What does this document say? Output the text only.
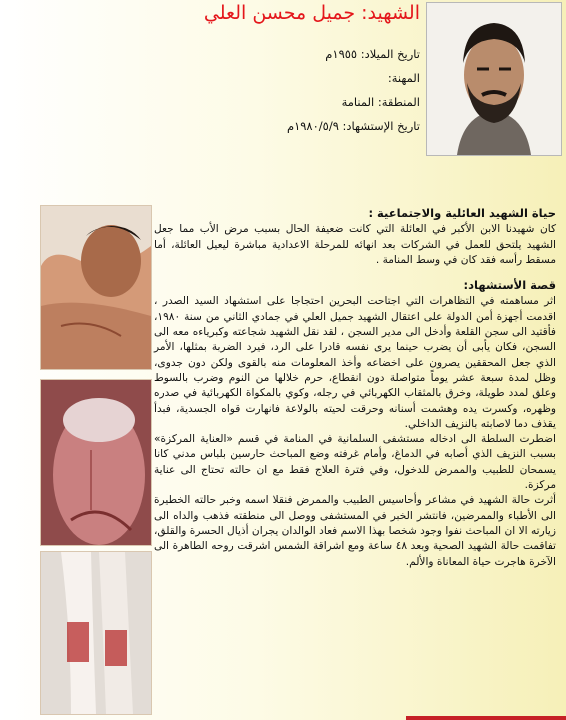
الشهيد: جميل محسن العلي
تاريخ الميلاد: ١٩٥٥م
المهنة:
المنطقة: المنامة
تاريخ الإستشهاد: ١٩٨٠/٥/٩م

حياة الشهيد العائلية والاجتماعية :

كان شهيدنا الابن الأكبر في العائلة التي كانت ضعيفة الحال بسبب مرض الأب مما جعل الشهيد يلتحق للعمل في الشركات بعد انهائه للمرحلة الاعدادية مباشرة ليعيل العائلة، أما مسقط رأسه فقد كان في وسط المنامة .

قصة الأستشهاد:

اثر مساهمته في التظاهرات التي اجتاحت البحرين احتجاجا على استشهاد السيد الصدر ، اقدمت أجهزة أمن الدولة على اعتقال الشهيد جميل العلي في جمادي الثاني من سنة ١٩٨٠، فأقتيد الى سجن القلعة وأدخل الى مدير السجن ، لقد نقل الشهيد شجاعته وكبرياءه معه الى السجن، فكان يأبى أن يضرب حينما يرى نفسه قادرا على الرد، فيرد الضربة بمثلها، الأمر الذي جعل المحققين يصرون على اخضاعه وأخذ المعلومات منه بالقوى ولكن دون جدوى، وظل لمدة سبعة عشر يوماً متواصلة دون انقطاع، حرم خلالها من النوم وضرب بالسوط وعلق لمدد طويلة، وخرق بالمثقاب الكهربائي في رجله، وكوي بالمكواة الكهربائية في صدره وظهره، وكسرت يده وهشمت أسنانه وحرقت لحيته بالولاعة فانهارت قواه الجسدية، فبدأ يقذف دما لاصابته بالنزيف الداخلي.

اضطرت السلطة الى ادخاله مستشفى السلمانية في المنامة في قسم «العناية المركزة» بسبب النزيف الذي أصابه في الدماغ، وأمام غرفته وضع المباحث حارسين بلباس مدني كانا يسمحان للطبيب والممرض للدخول، وفي فترة العلاج فقط مع ان حالته تحتاج الى عناية مركزة.

أثرت حالة الشهيد في مشاعر وأحاسيس الطبيب والممرض فنقلا اسمه وخبر حالته الخطيرة الى الأطباء والممرضين، فانتشر الخبر في المستشفى ووصل الى منطقته فذهب والداه الى زيارته الا ان المباحث نفوا وجود شخصا بهذا الاسم فعاد الوالدان يجران أذيال الحسرة والقلق، تفاقمت حالة الشهيد الصحية وبعد ٤٨ ساعة ومع اشراقة الشمس اشرقت روحه الطاهرة الى الآخرة هاجرت حياة المعاناة والألم.
